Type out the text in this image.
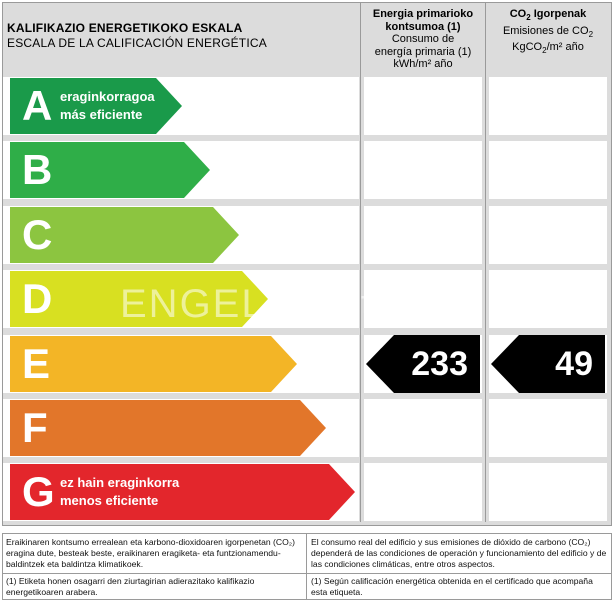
KALIFIKAZIO ENERGETIKOKO ESKALA
ESCALA DE LA CALIFICACIÓN ENERGÉTICA
Energia primarioko kontsumoa (1)
Consumo de
energía primaria (1)
kWh/m² año
$CO_2$ Igorpenak
Emisiones de $CO_2$
KgCO$_2$/m² año
A eraginkorragoa
más eficiente
B
C
D
E	233	49
F
G ez hain eraginkorra
menos eficiente
ENGEL habitaclia
Eraikinaren kontsumo errealean eta karbono-dioxidoaren igorpenetan (CO₂) eragina dute, besteak beste, eraikinaren eragiketa- eta funtzionamendu-baldintzek eta baldintza klimatikoek.
El consumo real del edificio y sus emisiones de dióxido de carbono (CO₂) dependerá de las condiciones de operación y funcionamiento del edificio y de las condiciones climáticas, entre otros aspectos.
(1) Etiketa honen osagarri den ziurtagirian adierazitako kalifikazio energetikoaren arabera.
(1) Según calificación energética obtenida en el certificado que acompaña esta etiqueta.
